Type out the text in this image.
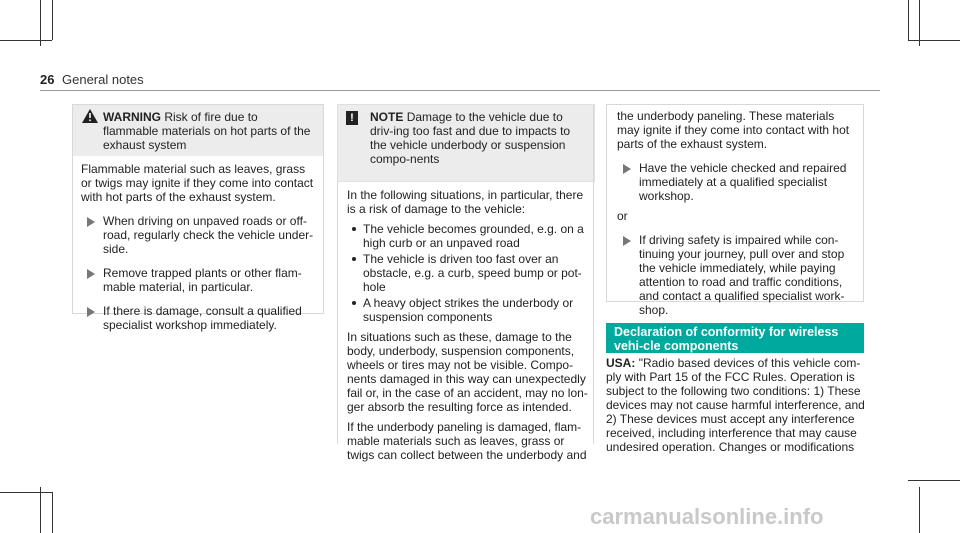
26 General notes
WARNING Risk of fire due to flammable materials on hot parts of the exhaust system

Flammable material such as leaves, grass or twigs may ignite if they come into contact with hot parts of the exhaust system.

When driving on unpaved roads or off-road, regularly check the vehicle under-side.
Remove trapped plants or other flam-mable material, in particular.
If there is damage, consult a qualified specialist workshop immediately.
!	NOTE Damage to the vehicle due to driv-ing too fast and due to impacts to the vehicle underbody or suspension compo-nents

In the following situations, in particular, there is a risk of damage to the vehicle:

The vehicle becomes grounded, e.g. on a high curb or an unpaved road
The vehicle is driven too fast over an obstacle, e.g. a curb, speed bump or pot-hole
A heavy object strikes the underbody or suspension components

In situations such as these, damage to the body, underbody, suspension components, wheels or tires may not be visible. Compo-nents damaged in this way can unexpectedly fail or, in the case of an accident, may no lon-ger absorb the resulting force as intended.

If the underbody paneling is damaged, flam-mable materials such as leaves, grass or twigs can collect between the underbody and

the underbody paneling. These materials may ignite if they come into contact with hot parts of the exhaust system.

Have the vehicle checked and repaired immediately at a qualified specialist workshop.
or
If driving safety is impaired while con-tinuing your journey, pull over and stop the vehicle immediately, while paying attention to road and traffic conditions, and contact a qualified specialist work-shop.
Declaration of conformity for wireless vehi-cle components
USA: "Radio based devices of this vehicle com-ply with Part 15 of the FCC Rules. Operation is subject to the following two conditions: 1) These devices may not cause harmful interference, and 2) These devices must accept any interference received, including interference that may cause undesired operation. Changes or modifications
carmanualsonline.info
